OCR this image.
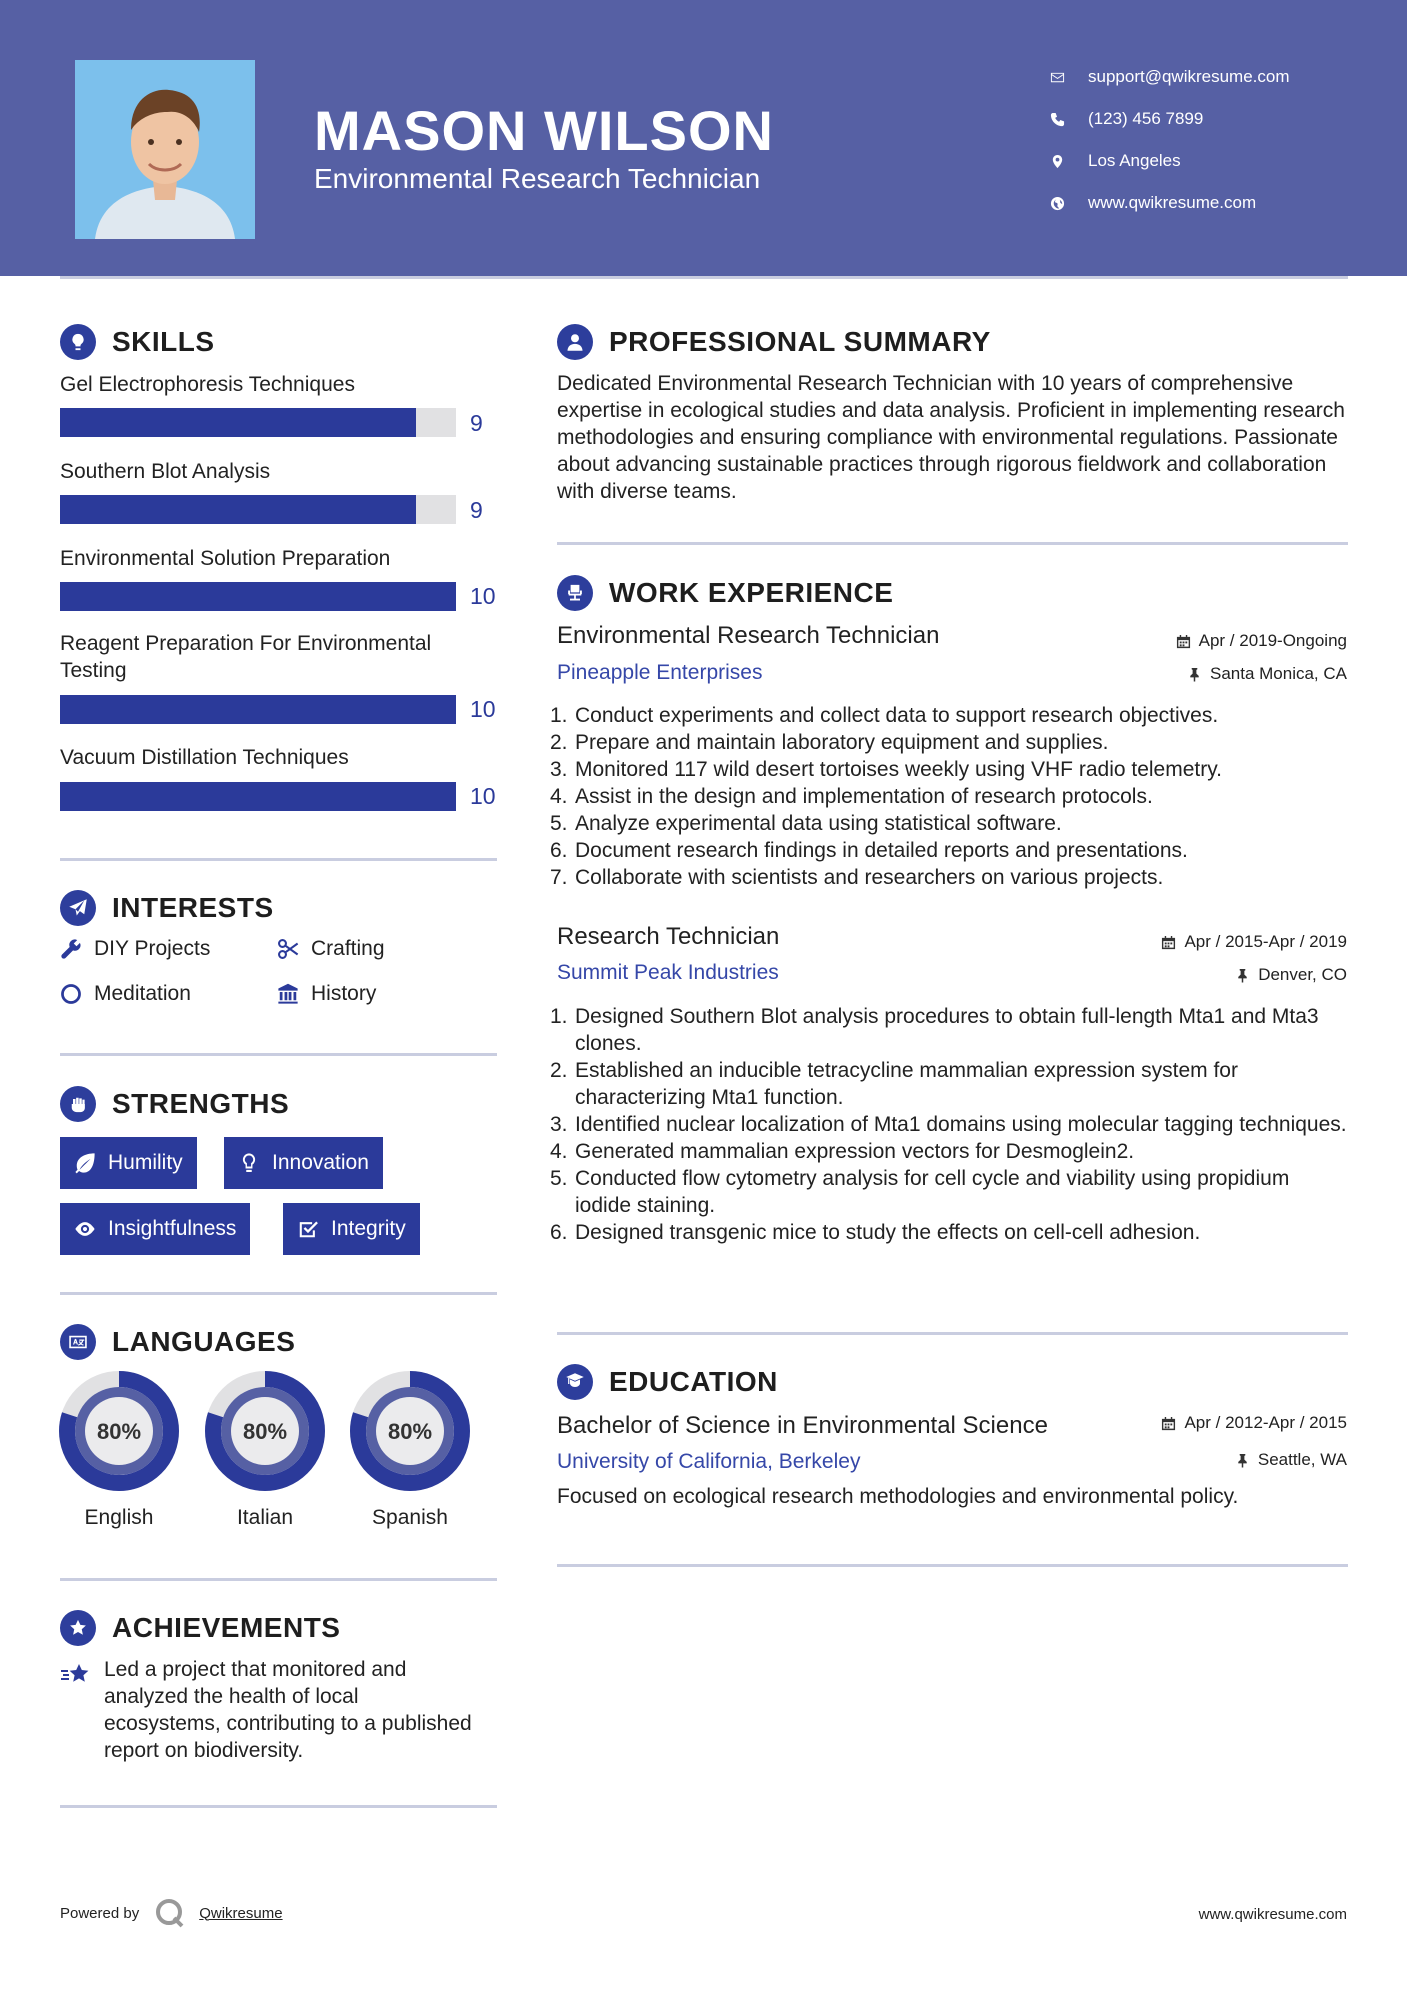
MASON WILSON
Environmental Research Technician
support@qwikresume.com
(123) 456 7899
Los Angeles
www.qwikresume.com
SKILLS
Gel Electrophoresis Techniques
9
Southern Blot Analysis
9
Environmental Solution Preparation
10
Reagent Preparation For Environmental Testing
10
Vacuum Distillation Techniques
10
INTERESTS
DIY Projects	Crafting
Meditation	History
STRENGTHS
Humility	Innovation
Insightfulness	Integrity
LANGUAGES
80%
English
80%
Italian
80%
Spanish
ACHIEVEMENTS
Led a project that monitored and analyzed the health of local ecosystems, contributing to a published report on biodiversity.
PROFESSIONAL SUMMARY
Dedicated Environmental Research Technician with 10 years of comprehensive expertise in ecological studies and data analysis. Proficient in implementing research methodologies and ensuring compliance with environmental regulations. Passionate about advancing sustainable practices through rigorous fieldwork and collaboration with diverse teams.
WORK EXPERIENCE
Environmental Research Technician	Apr / 2019-Ongoing
Pineapple Enterprises	Santa Monica, CA
1. Conduct experiments and collect data to support research objectives.
2. Prepare and maintain laboratory equipment and supplies.
3. Monitored 117 wild desert tortoises weekly using VHF radio telemetry.
4. Assist in the design and implementation of research protocols.
5. Analyze experimental data using statistical software.
6. Document research findings in detailed reports and presentations.
7. Collaborate with scientists and researchers on various projects.
Research Technician	Apr / 2015-Apr / 2019
Summit Peak Industries	Denver, CO
1. Designed Southern Blot analysis procedures to obtain full-length Mta1 and Mta3 clones.
2. Established an inducible tetracycline mammalian expression system for characterizing Mta1 function.
3. Identified nuclear localization of Mta1 domains using molecular tagging techniques.
4. Generated mammalian expression vectors for Desmoglein2.
5. Conducted flow cytometry analysis for cell cycle and viability using propidium iodide staining.
6. Designed transgenic mice to study the effects on cell-cell adhesion.
EDUCATION
Bachelor of Science in Environmental Science	Apr / 2012-Apr / 2015
University of California, Berkeley	Seattle, WA
Focused on ecological research methodologies and environmental policy.
Powered by	Qwikresume	www.qwikresume.com
